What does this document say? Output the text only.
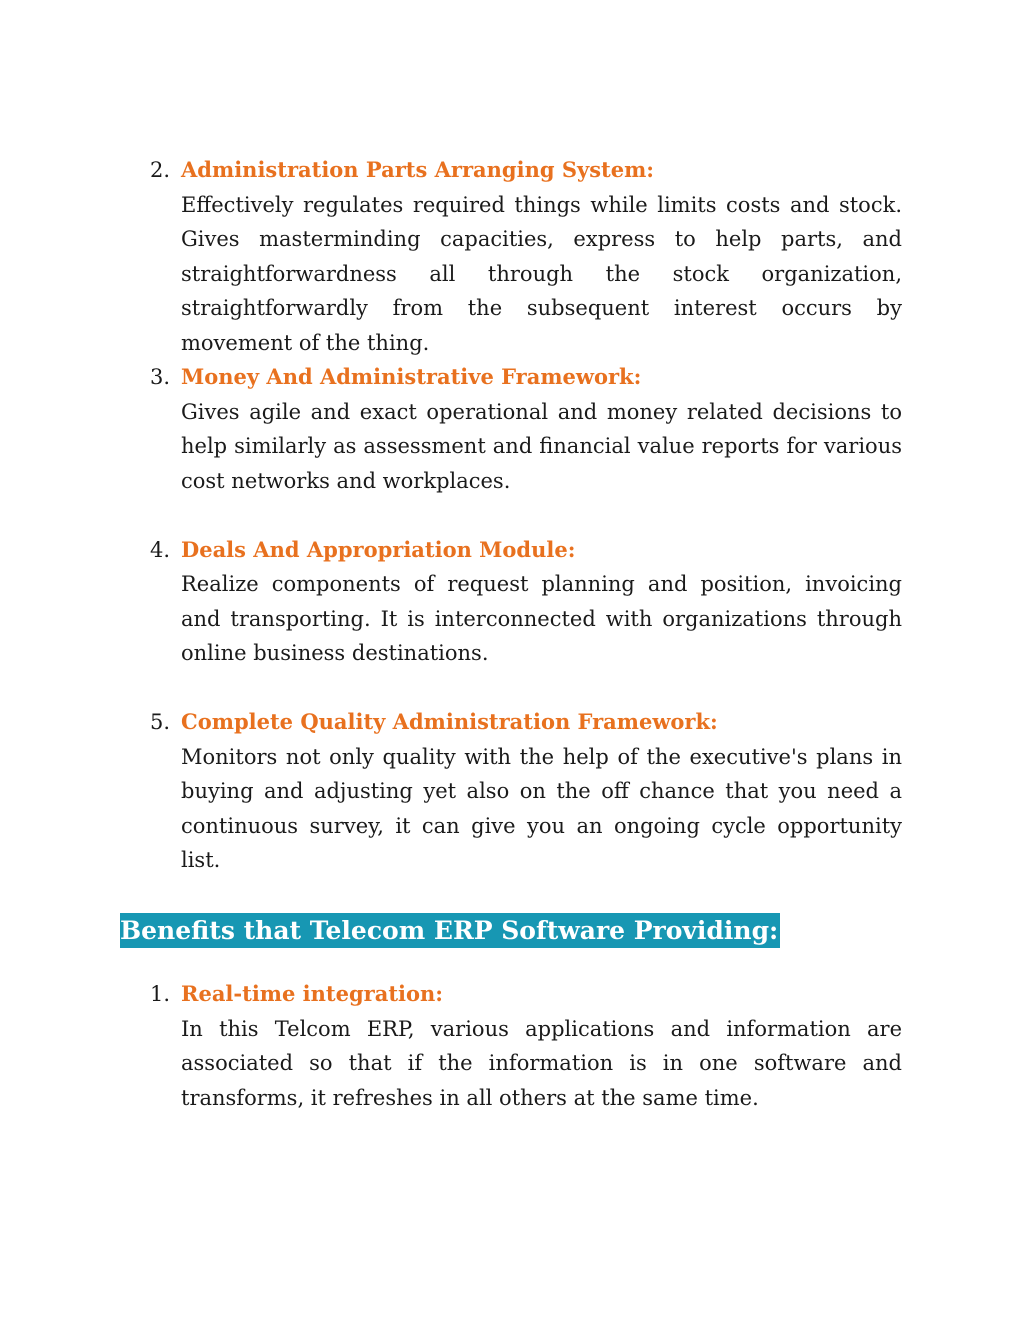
2. Administration Parts Arranging System:
Effectively regulates required things while limits costs and stock. Gives masterminding capacities, express to help parts, and straightforwardness all through the stock organization, straightforwardly from the subsequent interest occurs by movement of the thing.
3. Money And Administrative Framework:
Gives agile and exact operational and money related decisions to help similarly as assessment and financial value reports for various cost networks and workplaces.
4. Deals And Appropriation Module:
Realize components of request planning and position, invoicing and transporting. It is interconnected with organizations through online business destinations.
5. Complete Quality Administration Framework:
Monitors not only quality with the help of the executive's plans in buying and adjusting yet also on the off chance that you need a continuous survey, it can give you an ongoing cycle opportunity list.
Benefits that Telecom ERP Software Providing:
1. Real-time integration:
In this Telcom ERP, various applications and information are associated so that if the information is in one software and transforms, it refreshes in all others at the same time.
